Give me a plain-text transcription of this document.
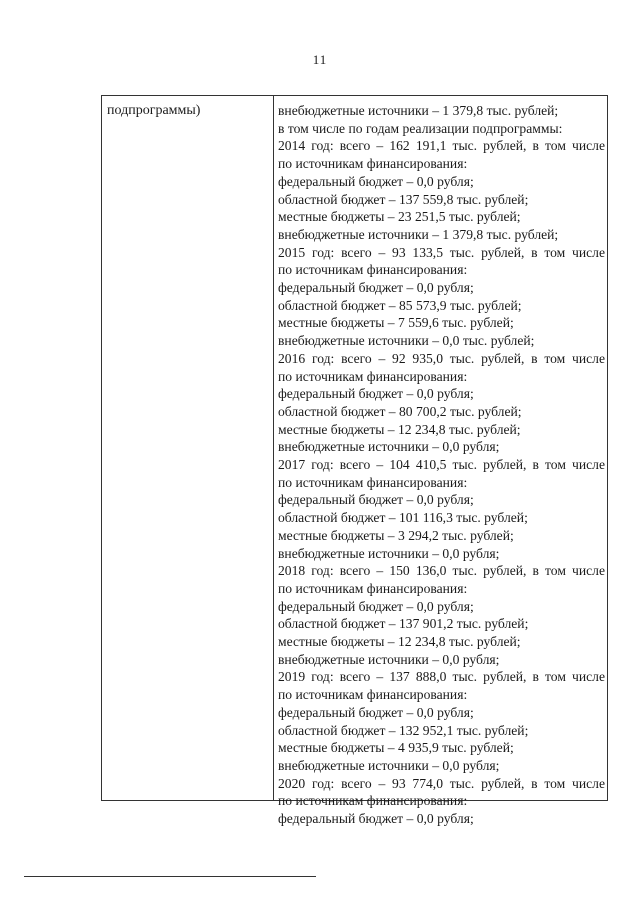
11
подпрограммы)	внебюджетные источники – 1 379,8 тыс. рублей;
в том числе по годам реализации подпрограммы:
2014 год: всего – 162 191,1 тыс. рублей, в том числе
по источникам финансирования:
федеральный бюджет – 0,0 рубля;
областной бюджет – 137 559,8 тыс. рублей;
местные бюджеты – 23 251,5 тыс. рублей;
внебюджетные источники – 1 379,8 тыс. рублей;
2015 год: всего – 93 133,5 тыс. рублей, в том числе
по источникам финансирования:
федеральный бюджет – 0,0 рубля;
областной бюджет – 85 573,9 тыс. рублей;
местные бюджеты – 7 559,6 тыс. рублей;
внебюджетные источники – 0,0 тыс. рублей;
2016 год: всего – 92 935,0 тыс. рублей, в том числе
по источникам финансирования:
федеральный бюджет – 0,0 рубля;
областной бюджет – 80 700,2 тыс. рублей;
местные бюджеты – 12 234,8 тыс. рублей;
внебюджетные источники – 0,0 рубля;
2017 год: всего – 104 410,5 тыс. рублей, в том числе
по источникам финансирования:
федеральный бюджет – 0,0 рубля;
областной бюджет – 101 116,3 тыс. рублей;
местные бюджеты – 3 294,2 тыс. рублей;
внебюджетные источники – 0,0 рубля;
2018 год: всего – 150 136,0 тыс. рублей, в том числе
по источникам финансирования:
федеральный бюджет – 0,0 рубля;
областной бюджет – 137 901,2 тыс. рублей;
местные бюджеты – 12 234,8 тыс. рублей;
внебюджетные источники – 0,0 рубля;
2019 год: всего – 137 888,0 тыс. рублей, в том числе
по источникам финансирования:
федеральный бюджет – 0,0 рубля;
областной бюджет – 132 952,1 тыс. рублей;
местные бюджеты – 4 935,9 тыс. рублей;
внебюджетные источники – 0,0 рубля;
2020 год: всего – 93 774,0 тыс. рублей, в том числе
по источникам финансирования:
федеральный бюджет – 0,0 рубля;
